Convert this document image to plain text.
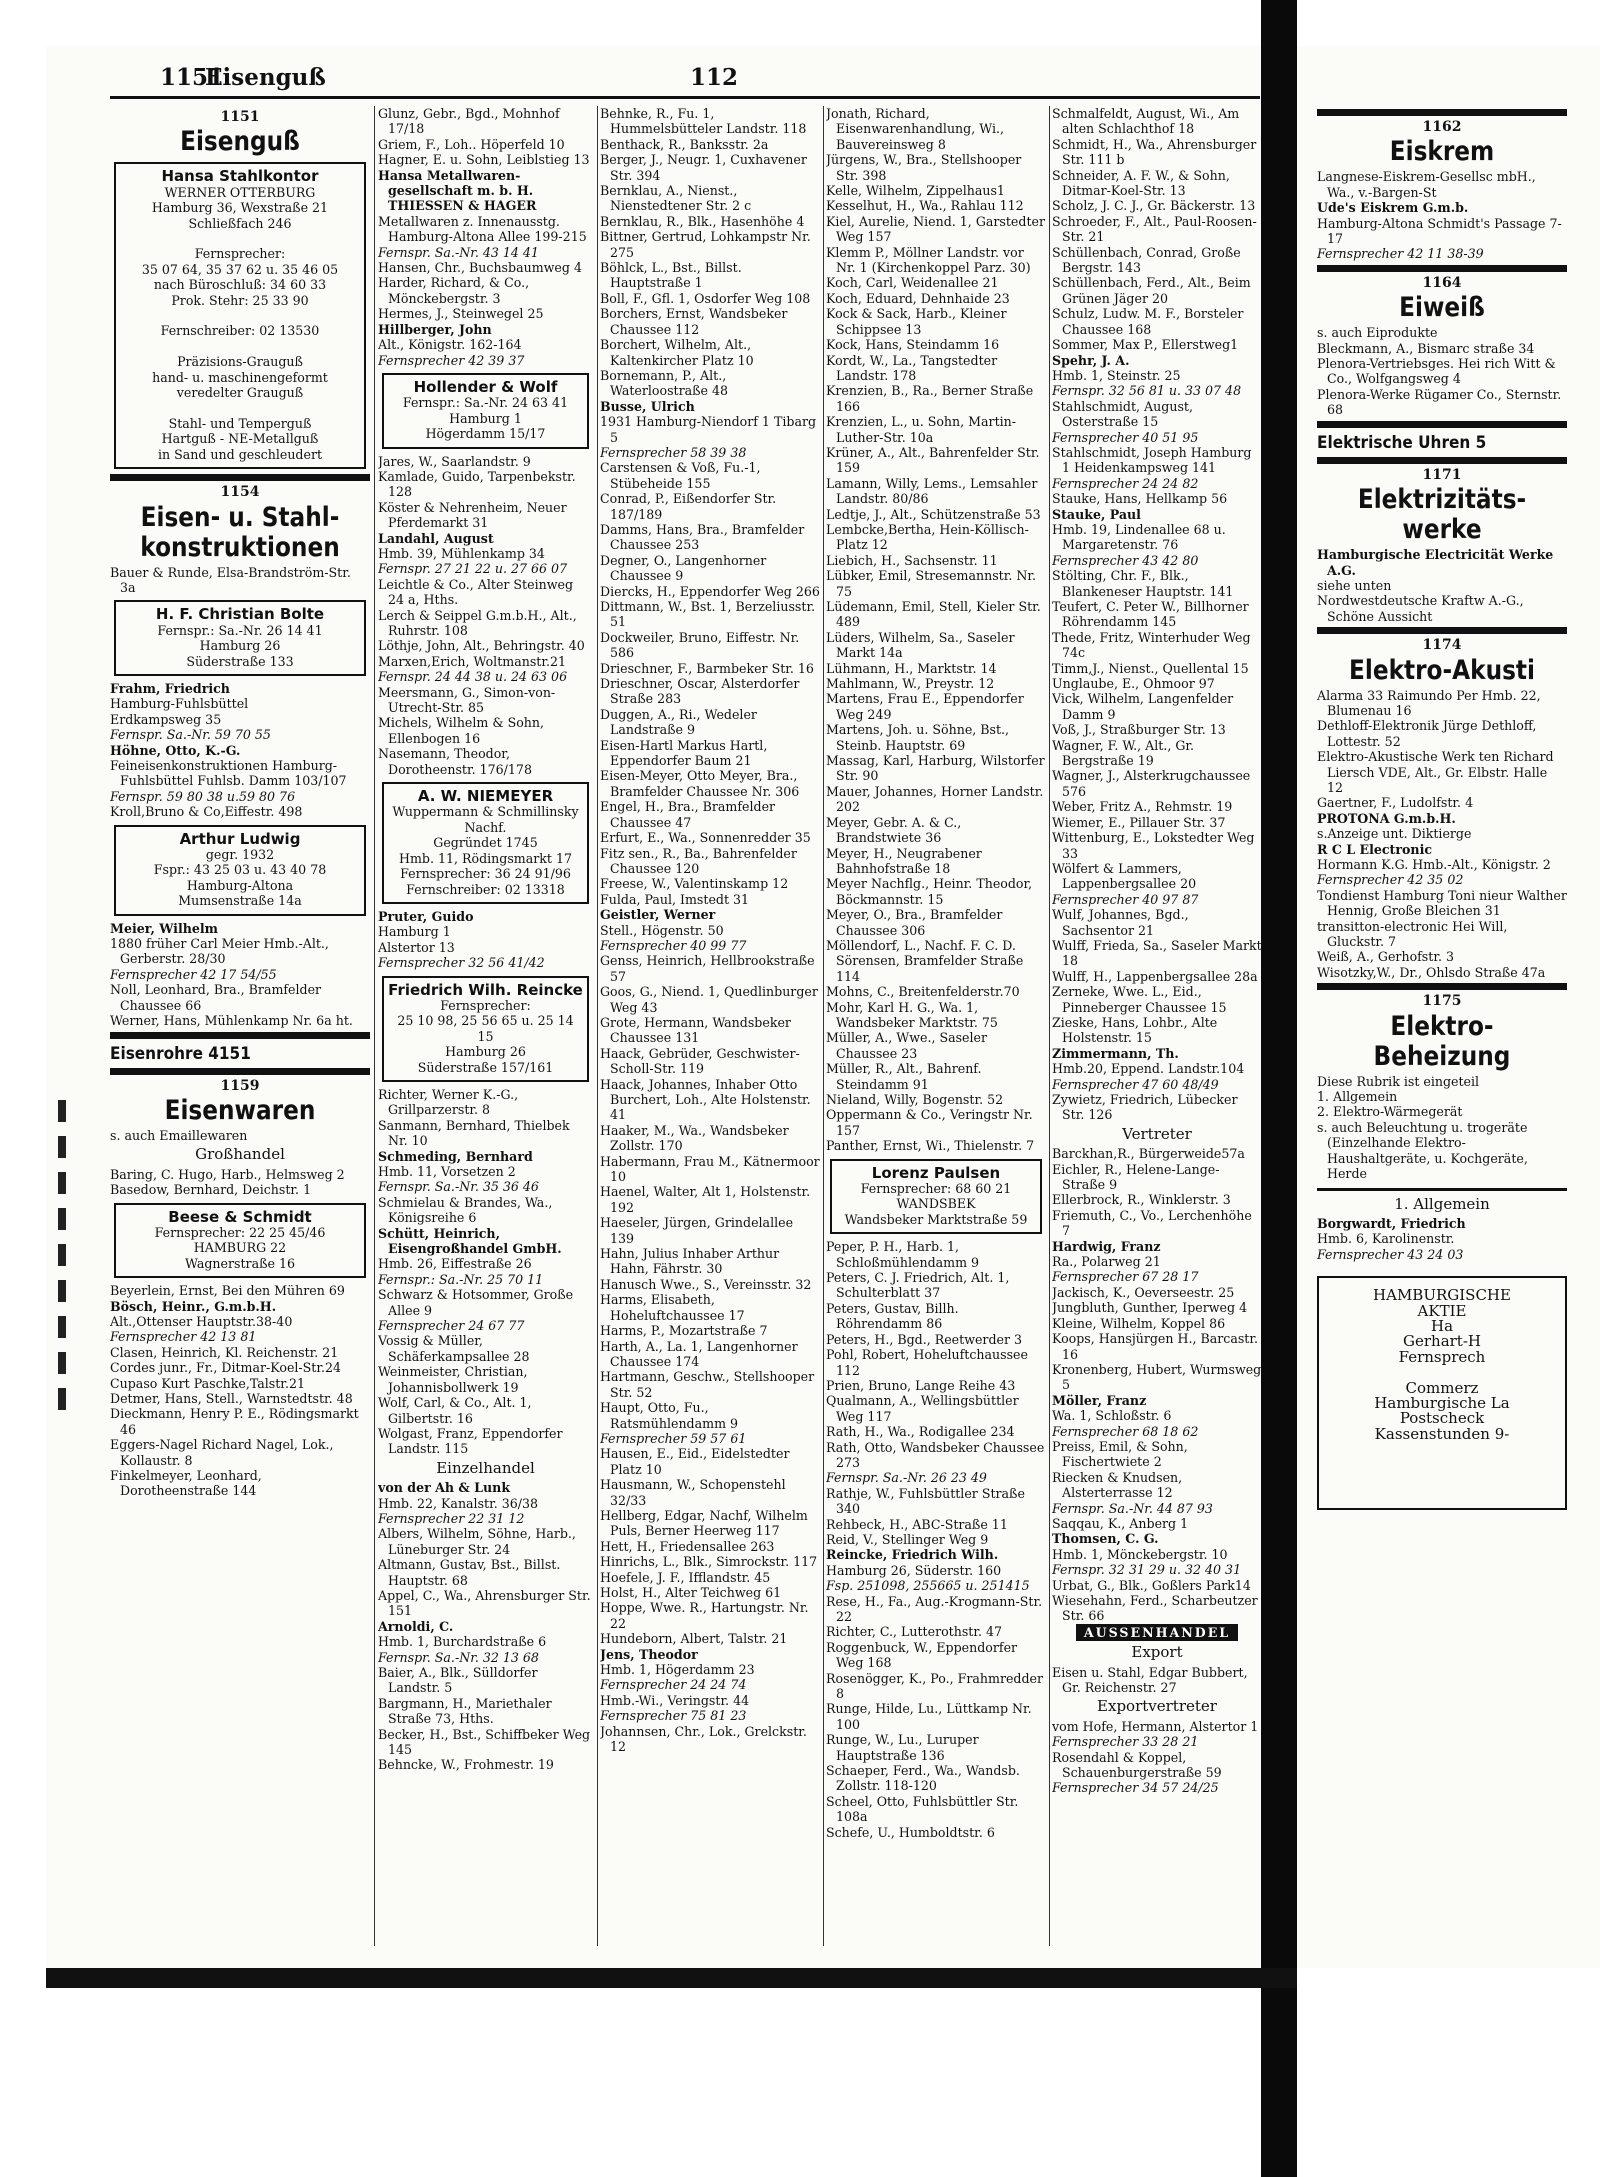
1151
Eisenguß	112
1151
Eisenguß
Hansa Stahlkontor
WERNER OTTERBURG
Hamburg 36, Wexstraße 21
Schließfach 246

Fernsprecher:
35 07 64, 35 37 62 u. 35 46 05
nach Büroschluß: 34 60 33
Prok. Stehr: 25 33 90

Fernschreiber: 02 13530

Präzisions-Grauguß
hand- u. maschinengeformt
veredelter Grauguß

Stahl- und Temperguß
Hartguß - NE-Metallguß
in Sand und geschleudert
1154
Eisen- u. Stahl-konstruktionen
Bauer & Runde, Elsa-Brandström-Str. 3a
H. F. Christian Bolte
Fernspr.: Sa.-Nr. 26 14 41
Hamburg 26
Süderstraße 133
Frahm, Friedrich
Hamburg-Fuhlsbüttel
Erdkampsweg 35
Fernspr. Sa.-Nr. 59 70 55
Höhne, Otto, K.-G.
Feineisenkonstruktionen Hamburg-Fuhlsbüttel Fuhlsb. Damm 103/107
Fernspr. 59 80 38 u.59 80 76
Kroll,Bruno & Co,Eiffestr. 498
Arthur Ludwig
gegr. 1932
Fspr.: 43 25 03 u. 43 40 78
Hamburg-Altona
Mumsenstraße 14a
Meier, Wilhelm
1880 früher Carl Meier Hmb.-Alt., Gerberstr. 28/30
Fernsprecher 42 17 54/55
Noll, Leonhard, Bra., Bramfelder Chaussee 66
Werner, Hans, Mühlenkamp Nr. 6a ht.
Eisenrohre 4151
1159
Eisenwaren
s. auch Emaillewaren
Großhandel
Baring, C. Hugo, Harb., Helmsweg 2
Basedow, Bernhard, Deichstr. 1
Beese & Schmidt
Fernsprecher: 22 25 45/46
HAMBURG 22
Wagnerstraße 16
Beyerlein, Ernst, Bei den Mühren 69
Bösch, Heinr., G.m.b.H.
Alt.,Ottenser Hauptstr.38-40
Fernsprecher 42 13 81
Clasen, Heinrich, Kl. Reichenstr. 21
Cordes junr., Fr., Ditmar-Koel-Str.24
Cupaso Kurt Paschke,Talstr.21
Detmer, Hans, Stell., Warnstedtstr. 48
Dieckmann, Henry P. E., Rödingsmarkt 46
Eggers-Nagel Richard Nagel, Lok., Kollaustr. 8
Finkelmeyer, Leonhard, Dorotheenstraße 144
Glunz, Gebr., Bgd., Mohnhof 17/18
Griem, F., Loh.. Höperfeld 10
Hagner, E. u. Sohn, Leiblstieg 13
Hansa Metallwaren-gesellschaft m. b. H. THIESSEN & HAGER
Metallwaren z. Innenausstg. Hamburg-Altona Allee 199-215
Fernspr. Sa.-Nr. 43 14 41
Hansen, Chr., Buchsbaumweg 4
Harder, Richard, & Co., Mönckebergstr. 3
Hermes, J., Steinwegel 25
Hillberger, John
Alt., Königstr. 162-164
Fernsprecher 42 39 37
Hollender & Wolf
Fernspr.: Sa.-Nr. 24 63 41
Hamburg 1
Högerdamm 15/17
Jares, W., Saarlandstr. 9
Kamlade, Guido, Tarpenbekstr. 128
Köster & Nehrenheim, Neuer Pferdemarkt 31
Landahl, August
Hmb. 39, Mühlenkamp 34
Fernspr. 27 21 22 u. 27 66 07
Leichtle & Co., Alter Steinweg 24 a, Hths.
Lerch & Seippel G.m.b.H., Alt., Ruhrstr. 108
Löthje, John, Alt., Behringstr. 40
Marxen,Erich, Woltmanstr.21
Fernspr. 24 44 38 u. 24 63 06
Meersmann, G., Simon-von-Utrecht-Str. 85
Michels, Wilhelm & Sohn, Ellenbogen 16
Nasemann, Theodor, Dorotheenstr. 176/178
A. W. NIEMEYER
Wuppermann & Schmillinsky Nachf.
Gegründet 1745
Hmb. 11, Rödingsmarkt 17
Fernsprecher: 36 24 91/96
Fernschreiber: 02 13318
Pruter, Guido
Hamburg 1
Alstertor 13
Fernsprecher 32 56 41/42
Friedrich Wilh. Reincke
Fernsprecher:
25 10 98, 25 56 65 u. 25 14 15
Hamburg 26
Süderstraße 157/161
Richter, Werner K.-G., Grillparzerstr. 8
Sanmann, Bernhard, Thielbek Nr. 10
Schmeding, Bernhard
Hmb. 11, Vorsetzen 2
Fernspr. Sa.-Nr. 35 36 46
Schmielau & Brandes, Wa., Königsreihe 6
Schütt, Heinrich, Eisengroßhandel GmbH.
Hmb. 26, Eiffestraße 26
Fernspr.: Sa.-Nr. 25 70 11
Schwarz & Hotsommer, Große Allee 9
Fernsprecher 24 67 77
Vossig & Müller, Schäferkampsallee 28
Weinmeister, Christian, Johannisbollwerk 19
Wolf, Carl, & Co., Alt. 1, Gilbertstr. 16
Wolgast, Franz, Eppendorfer Landstr. 115
Einzelhandel
von der Ah & Lunk
Hmb. 22, Kanalstr. 36/38
Fernsprecher 22 31 12
Albers, Wilhelm, Söhne, Harb., Lüneburger Str. 24
Altmann, Gustav, Bst., Billst. Hauptstr. 68
Appel, C., Wa., Ahrensburger Str. 151
Arnoldi, C.
Hmb. 1, Burchardstraße 6
Fernspr. Sa.-Nr. 32 13 68
Baier, A., Blk., Sülldorfer Landstr. 5
Bargmann, H., Mariethaler Straße 73, Hths.
Becker, H., Bst., Schiffbeker Weg 145
Behncke, W., Frohmestr. 19
Behnke, R., Fu. 1, Hummelsbütteler Landstr. 118
Benthack, R., Banksstr. 2a
Berger, J., Neugr. 1, Cuxhavener Str. 394
Bernklau, A., Nienst., Nienstedtener Str. 2 c
Bernklau, R., Blk., Hasenhöhe 4
Bittner, Gertrud, Lohkampstr Nr. 275
Böhlck, L., Bst., Billst. Hauptstraße 1
Boll, F., Gfl. 1, Osdorfer Weg 108
Borchers, Ernst, Wandsbeker Chaussee 112
Borchert, Wilhelm, Alt., Kaltenkircher Platz 10
Bornemann, P., Alt., Waterloostraße 48
Busse, Ulrich
1931 Hamburg-Niendorf 1 Tibarg 5
Fernsprecher 58 39 38
Carstensen & Voß, Fu.-1, Stübeheide 155
Conrad, P., Eißendorfer Str. 187/189
Damms, Hans, Bra., Bramfelder Chaussee 253
Degner, O., Langenhorner Chaussee 9
Diercks, H., Eppendorfer Weg 266
Dittmann, W., Bst. 1, Berzeliusstr. 51
Dockweiler, Bruno, Eiffestr. Nr. 586
Drieschner, F., Barmbeker Str. 16
Drieschner, Oscar, Alsterdorfer Straße 283
Duggen, A., Ri., Wedeler Landstraße 9
Eisen-Hartl Markus Hartl, Eppendorfer Baum 21
Eisen-Meyer, Otto Meyer, Bra., Bramfelder Chaussee Nr. 306
Engel, H., Bra., Bramfelder Chaussee 47
Erfurt, E., Wa., Sonnenredder 35
Fitz sen., R., Ba., Bahrenfelder Chaussee 120
Freese, W., Valentinskamp 12
Fulda, Paul, Imstedt 31
Geistler, Werner
Stell., Högenstr. 50
Fernsprecher 40 99 77
Genss, Heinrich, Hellbrookstraße 57
Goos, G., Niend. 1, Quedlinburger Weg 43
Grote, Hermann, Wandsbeker Chaussee 131
Haack, Gebrüder, Geschwister-Scholl-Str. 119
Haack, Johannes, Inhaber Otto Burchert, Loh., Alte Holstenstr. 41
Haaker, M., Wa., Wandsbeker Zollstr. 170
Habermann, Frau M., Kätnermoor 10
Haenel, Walter, Alt 1, Holstenstr. 192
Haeseler, Jürgen, Grindelallee 139
Hahn, Julius Inhaber Arthur Hahn, Fährstr. 30
Hanusch Wwe., S., Vereinsstr. 32
Harms, Elisabeth, Hoheluftchaussee 17
Harms, P., Mozartstraße 7
Harth, A., La. 1, Langenhorner Chaussee 174
Hartmann, Geschw., Stellshooper Str. 52
Haupt, Otto, Fu., Ratsmühlendamm 9
Fernsprecher 59 57 61
Hausen, E., Eid., Eidelstedter Platz 10
Hausmann, W., Schopenstehl 32/33
Hellberg, Edgar, Nachf, Wilhelm Puls, Berner Heerweg 117
Hett, H., Friedensallee 263
Hinrichs, L., Blk., Simrockstr. 117
Hoefele, J. F., Ifflandstr. 45
Holst, H., Alter Teichweg 61
Hoppe, Wwe. R., Hartungstr. Nr. 22
Hundeborn, Albert, Talstr. 21
Jens, Theodor
Hmb. 1, Högerdamm 23
Fernsprecher 24 24 74
Hmb.-Wi., Veringstr. 44
Fernsprecher 75 81 23
Johannsen, Chr., Lok., Grelckstr. 12
Jonath, Richard, Eisenwarenhandlung, Wi., Bauvereinsweg 8
Jürgens, W., Bra., Stellshooper Str. 398
Kelle, Wilhelm, Zippelhaus1
Kesselhut, H., Wa., Rahlau 112
Kiel, Aurelie, Niend. 1, Garstedter Weg 157
Klemm P., Möllner Landstr. vor Nr. 1 (Kirchenkoppel Parz. 30)
Koch, Carl, Weidenallee 21
Koch, Eduard, Dehnhaide 23
Kock & Sack, Harb., Kleiner Schippsee 13
Kock, Hans, Steindamm 16
Kordt, W., La., Tangstedter Landstr. 178
Krenzien, B., Ra., Berner Straße 166
Krenzien, L., u. Sohn, Martin-Luther-Str. 10a
Krüner, A., Alt., Bahrenfelder Str. 159
Lamann, Willy, Lems., Lemsahler Landstr. 80/86
Ledtje, J., Alt., Schützenstraße 53
Lembcke,Bertha, Hein-Köllisch-Platz 12
Liebich, H., Sachsenstr. 11
Lübker, Emil, Stresemannstr. Nr. 75
Lüdemann, Emil, Stell, Kieler Str. 489
Lüders, Wilhelm, Sa., Saseler Markt 14a
Lühmann, H., Marktstr. 14
Mahlmann, W., Preystr. 12
Martens, Frau E., Eppendorfer Weg 249
Martens, Joh. u. Söhne, Bst., Steinb. Hauptstr. 69
Massag, Karl, Harburg, Wilstorfer Str. 90
Mauer, Johannes, Horner Landstr. 202
Meyer, Gebr. A. & C., Brandstwiete 36
Meyer, H., Neugrabener Bahnhofstraße 18
Meyer Nachflg., Heinr. Theodor, Böckmannstr. 15
Meyer, O., Bra., Bramfelder Chaussee 306
Möllendorf, L., Nachf. F. C. D. Sörensen, Bramfelder Straße 114
Mohns, C., Breitenfelderstr.70
Mohr, Karl H. G., Wa. 1, Wandsbeker Marktstr. 75
Müller, A., Wwe., Saseler Chaussee 23
Müller, R., Alt., Bahrenf. Steindamm 91
Nieland, Willy, Bogenstr. 52
Oppermann & Co., Veringstr Nr. 157
Panther, Ernst, Wi., Thielenstr. 7
Lorenz Paulsen
Fernsprecher: 68 60 21
WANDSBEK
Wandsbeker Marktstraße 59
Peper, P. H., Harb. 1, Schloßmühlendamm 9
Peters, C. J. Friedrich, Alt. 1, Schulterblatt 37
Peters, Gustav, Billh. Röhrendamm 86
Peters, H., Bgd., Reetwerder 3
Pohl, Robert, Hoheluftchaussee 112
Prien, Bruno, Lange Reihe 43
Qualmann, A., Wellingsbüttler Weg 117
Rath, H., Wa., Rodigallee 234
Rath, Otto, Wandsbeker Chaussee 273
Fernspr. Sa.-Nr. 26 23 49
Rathje, W., Fuhlsbüttler Straße 340
Rehbeck, H., ABC-Straße 11
Reid, V., Stellinger Weg 9
Reincke, Friedrich Wilh.
Hamburg 26, Süderstr. 160
Fsp. 251098, 255665 u. 251415
Rese, H., Fa., Aug.-Krogmann-Str. 22
Richter, C., Lutterothstr. 47
Roggenbuck, W., Eppendorfer Weg 168
Rosenögger, K., Po., Frahmredder 8
Runge, Hilde, Lu., Lüttkamp Nr. 100
Runge, W., Lu., Luruper Hauptstraße 136
Schaeper, Ferd., Wa., Wandsb. Zollstr. 118-120
Scheel, Otto, Fuhlsbüttler Str. 108a
Schefe, U., Humboldtstr. 6
Schmalfeldt, August, Wi., Am alten Schlachthof 18
Schmidt, H., Wa., Ahrensburger Str. 111 b
Schneider, A. F. W., & Sohn, Ditmar-Koel-Str. 13
Scholz, J. C. J., Gr. Bäckerstr. 13
Schroeder, F., Alt., Paul-Roosen-Str. 21
Schüllenbach, Conrad, Große Bergstr. 143
Schüllenbach, Ferd., Alt., Beim Grünen Jäger 20
Schulz, Ludw. M. F., Borsteler Chaussee 168
Sommer, Max P., Ellerstweg1
Spehr, J. A.
Hmb. 1, Steinstr. 25
Fernspr. 32 56 81 u. 33 07 48
Stahlschmidt, August, Osterstraße 15
Fernsprecher 40 51 95
Stahlschmidt, Joseph Hamburg 1 Heidenkampsweg 141
Fernsprecher 24 24 82
Stauke, Hans, Hellkamp 56
Stauke, Paul
Hmb. 19, Lindenallee 68 u. Margaretenstr. 76
Fernsprecher 43 42 80
Stölting, Chr. F., Blk., Blankeneser Hauptstr. 141
Teufert, C. Peter W., Billhorner Röhrendamm 145
Thede, Fritz, Winterhuder Weg 74c
Timm,J., Nienst., Quellental 15
Unglaube, E., Ohmoor 97
Vick, Wilhelm, Langenfelder Damm 9
Voß, J., Straßburger Str. 13
Wagner, F. W., Alt., Gr. Bergstraße 19
Wagner, J., Alsterkrugchaussee 576
Weber, Fritz A., Rehmstr. 19
Wiemer, E., Pillauer Str. 37
Wittenburg, E., Lokstedter Weg 33
Wölfert & Lammers, Lappenbergsallee 20
Fernsprecher 40 97 87
Wulf, Johannes, Bgd., Sachsentor 21
Wulff, Frieda, Sa., Saseler Markt 18
Wulff, H., Lappenbergsallee 28a
Zerneke, Wwe. L., Eid., Pinneberger Chaussee 15
Zieske, Hans, Lohbr., Alte Holstenstr. 15
Zimmermann, Th.
Hmb.20, Eppend. Landstr.104
Fernsprecher 47 60 48/49
Zywietz, Friedrich, Lübecker Str. 126
Vertreter
Barckhan,R., Bürgerweide57a
Eichler, R., Helene-Lange-Straße 9
Ellerbrock, R., Winklerstr. 3
Friemuth, C., Vo., Lerchenhöhe 7
Hardwig, Franz
Ra., Polarweg 21
Fernsprecher 67 28 17
Jackisch, K., Oeverseestr. 25
Jungbluth, Gunther, Iperweg 4
Kleine, Wilhelm, Koppel 86
Koops, Hansjürgen H., Barcastr. 16
Kronenberg, Hubert, Wurmsweg 5
Möller, Franz
Wa. 1, Schloßstr. 6
Fernsprecher 68 18 62
Preiss, Emil, & Sohn, Fischertwiete 2
Riecken & Knudsen, Alsterterrasse 12
Fernspr. Sa.-Nr. 44 87 93
Saqqau, K., Anberg 1
Thomsen, C. G.
Hmb. 1, Mönckebergstr. 10
Fernspr. 32 31 29 u. 32 40 31
Urbat, G., Blk., Goßlers Park14
Wiesehahn, Ferd., Scharbeutzer Str. 66
AUSSENHANDEL
Export
Eisen u. Stahl, Edgar Bubbert, Gr. Reichenstr. 27
Exportvertreter
vom Hofe, Hermann, Alstertor 1
Fernsprecher 33 28 21
Rosendahl & Koppel, Schauenburgerstraße 59
Fernsprecher 34 57 24/25
1162
Eiskrem
Langnese-Eiskrem-Gesellsc mbH., Wa., v.-Bargen-St
Ude's Eiskrem G.m.b.
Hamburg-Altona Schmidt's Passage 7-17
Fernsprecher 42 11 38-39
1164
Eiweiß
s. auch Eiprodukte
Bleckmann, A., Bismarc straße 34
Plenora-Vertriebsges. Hei rich Witt & Co., Wolfgangsweg 4
Plenora-Werke Rügamer Co., Sternstr. 68
Elektrische Uhren 5
1171
Elektrizitäts-werke
Hamburgische Electricität Werke A.G.
siehe unten
Nordwestdeutsche Kraftw A.-G., Schöne Aussicht
1174
Elektro-Akusti
Alarma 33 Raimundo Per Hmb. 22, Blumenau 16
Dethloff-Elektronik Jürge Dethloff, Lottestr. 52
Elektro-Akustische Werk ten Richard Liersch VDE, Alt., Gr. Elbstr. Halle 12
Gaertner, F., Ludolfstr. 4
PROTONA G.m.b.H.
s.Anzeige unt. Diktierge
R C L Electronic
Hormann K.G. Hmb.-Alt., Königstr. 2
Fernsprecher 42 35 02
Tondienst Hamburg Toni nieur Walther Hennig, Große Bleichen 31
transitton-electronic Hei Will, Gluckstr. 7
Weiß, A., Gerhofstr. 3
Wisotzky,W., Dr., Ohlsdo Straße 47a
1175
Elektro-Beheizung
Diese Rubrik ist eingeteil
1. Allgemein
2. Elektro-Wärmegerät
s. auch Beleuchtung u. trogeräte (Einzelhande Elektro-Haushaltgeräte, u. Kochgeräte, Herde
1. Allgemein
Borgwardt, Friedrich
Hmb. 6, Karolinenstr.
Fernsprecher 43 24 03
HAMBURGISCHE
AKTIE
Ha
Gerhart-H
Fernsprech

Commerz
Hamburgische La
Postscheck
Kassenstunden 9-
